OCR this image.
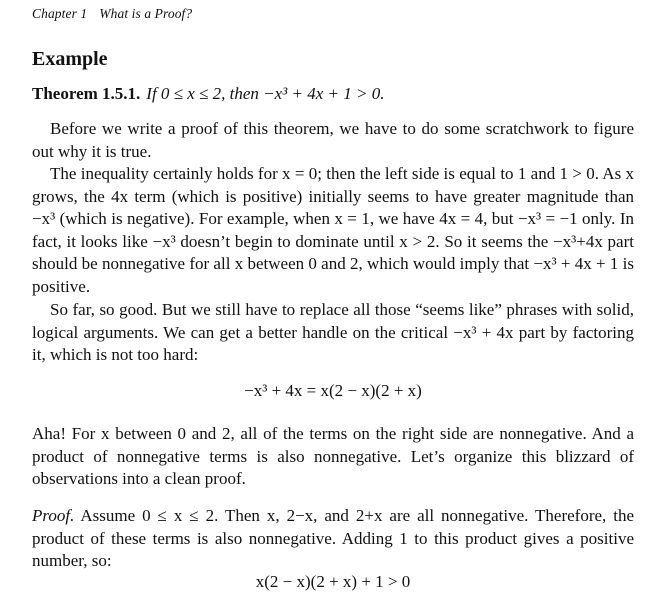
Chapter 1 What is a Proof?
Example
Theorem 1.5.1. If 0 ≤ x ≤ 2, then −x³ + 4x + 1 > 0.

Before we write a proof of this theorem, we have to do some scratchwork to figure out why it is true.

The inequality certainly holds for x = 0; then the left side is equal to 1 and 1 > 0. As x grows, the 4x term (which is positive) initially seems to have greater magnitude than −x³ (which is negative). For example, when x = 1, we have 4x = 4, but −x³ = −1 only. In fact, it looks like −x³ doesn’t begin to dominate until x > 2. So it seems the −x³+4x part should be nonnegative for all x between 0 and 2, which would imply that −x³ + 4x + 1 is positive.

So far, so good. But we still have to replace all those “seems like” phrases with solid, logical arguments. We can get a better handle on the critical −x³ + 4x part by factoring it, which is not too hard:

−x³ + 4x = x(2 − x)(2 + x)

Aha! For x between 0 and 2, all of the terms on the right side are nonnegative. And a product of nonnegative terms is also nonnegative. Let’s organize this blizzard of observations into a clean proof.

Proof. Assume 0 ≤ x ≤ 2. Then x, 2−x, and 2+x are all nonnegative. Therefore, the product of these terms is also nonnegative. Adding 1 to this product gives a positive number, so:

x(2 − x)(2 + x) + 1 > 0
